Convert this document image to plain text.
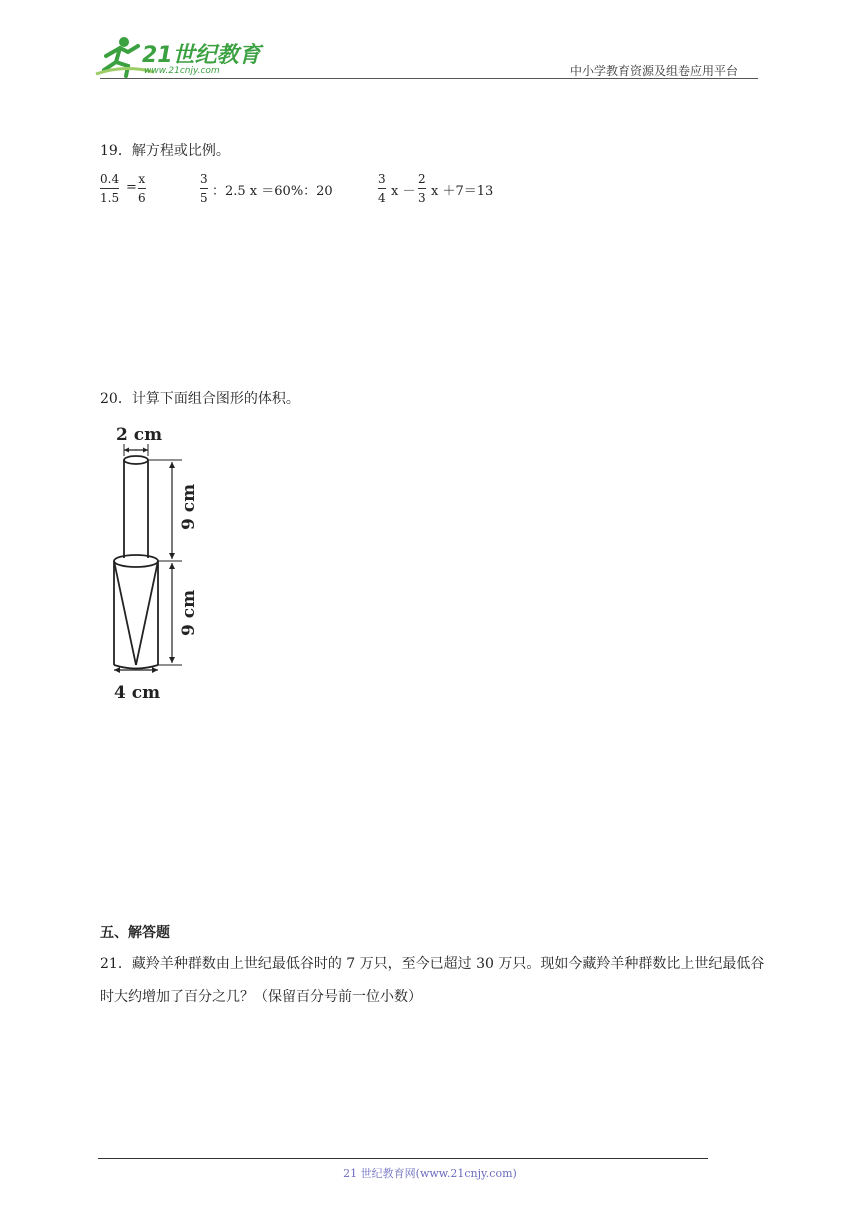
21世纪教育
www.21cnjy.com	中小学教育资源及组卷应用平台
19．解方程或比例。
0.4
1.5
=
x
6
3
5 ：2.5 x ＝60%：20
3
4 x －
2
3 x ＋7＝13
20．计算下面组合图形的体积。
2 cm
9 cm
9 cm
4 cm
五、解答题
21．藏羚羊种群数由上世纪最低谷时的 7 万只，至今已超过 30 万只。现如今藏羚羊种群数比上世纪最低谷时大约增加了百分之几？（保留百分号前一位小数）
21 世纪教育网(www.21cnjy.com)
